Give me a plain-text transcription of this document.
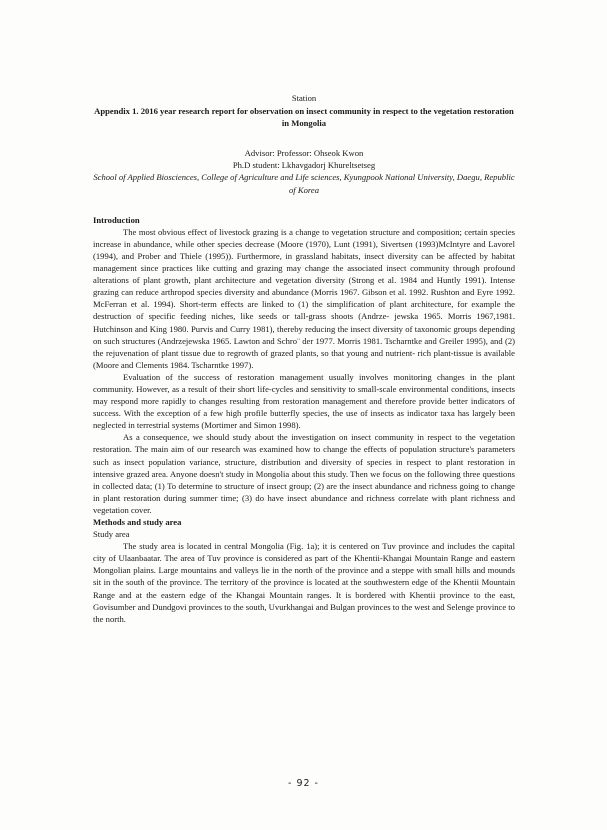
Station
Appendix 1. 2016 year research report for observation on insect community in respect to the vegetation restoration in Mongolia
Advisor: Professor: Ohseok Kwon
Ph.D student: Lkhavgadorj Khureltsetseg
School of Applied Biosciences, College of Agriculture and Life sciences, Kyungpook National University, Daegu, Republic of Korea
Introduction

The most obvious effect of livestock grazing is a change to vegetation structure and composition; certain species increase in abundance, while other species decrease (Moore (1970), Lunt (1991), Sivertsen (1993)McIntyre and Lavorel (1994), and Prober and Thiele (1995)). Furthermore, in grassland habitats, insect diversity can be affected by habitat management since practices like cutting and grazing may change the associated insect community through profound alterations of plant growth, plant architecture and vegetation diversity (Strong et al. 1984 and Huntly 1991). Intense grazing can reduce arthropod species diversity and abundance (Morris 1967. Gibson et al. 1992. Rushton and Eyre 1992. McFerran et al. 1994). Short-term effects are linked to (1) the simplification of plant architecture, for example the destruction of specific feeding niches, like seeds or tall-grass shoots (Andrze- jewska 1965. Morris 1967,1981. Hutchinson and King 1980. Purvis and Curry 1981), thereby reducing the insect diversity of taxonomic groups depending on such structures (Andrzejewska 1965. Lawton and Schro¨ der 1977. Morris 1981. Tscharntke and Greiler 1995), and (2) the rejuvenation of plant tissue due to regrowth of grazed plants, so that young and nutrient- rich plant-tissue is available (Moore and Clements 1984. Tscharntke 1997).

Evaluation of the success of restoration management usually involves monitoring changes in the plant community. However, as a result of their short life-cycles and sensitivity to small-scale environmental conditions, insects may respond more rapidly to changes resulting from restoration management and therefore provide better indicators of success. With the exception of a few high profile butterfly species, the use of insects as indicator taxa has largely been neglected in terrestrial systems (Mortimer and Simon 1998).

As a consequence, we should study about the investigation on insect community in respect to the vegetation restoration. The main aim of our research was examined how to change the effects of population structure's parameters such as insect population variance, structure, distribution and diversity of species in respect to plant restoration in intensive grazed area. Anyone doesn't study in Mongolia about this study. Then we focus on the following three questions in collected data; (1) To determine to structure of insect group; (2) are the insect abundance and richness going to change in plant restoration during summer time; (3) do have insect abundance and richness correlate with plant richness and vegetation cover.

Methods and study area
Study area

The study area is located in central Mongolia (Fig. 1a); it is centered on Tuv province and includes the capital city of Ulaanbaatar. The area of Tuv province is considered as part of the Khentii-Khangai Mountain Range and eastern Mongolian plains. Large mountains and valleys lie in the north of the province and a steppe with small hills and mounds sit in the south of the province. The territory of the province is located at the southwestern edge of the Khentii Mountain Range and at the eastern edge of the Khangai Mountain ranges. It is bordered with Khentii province to the east, Govisumber and Dundgovi provinces to the south, Uvurkhangai and Bulgan provinces to the west and Selenge province to the north.

- 92 -
